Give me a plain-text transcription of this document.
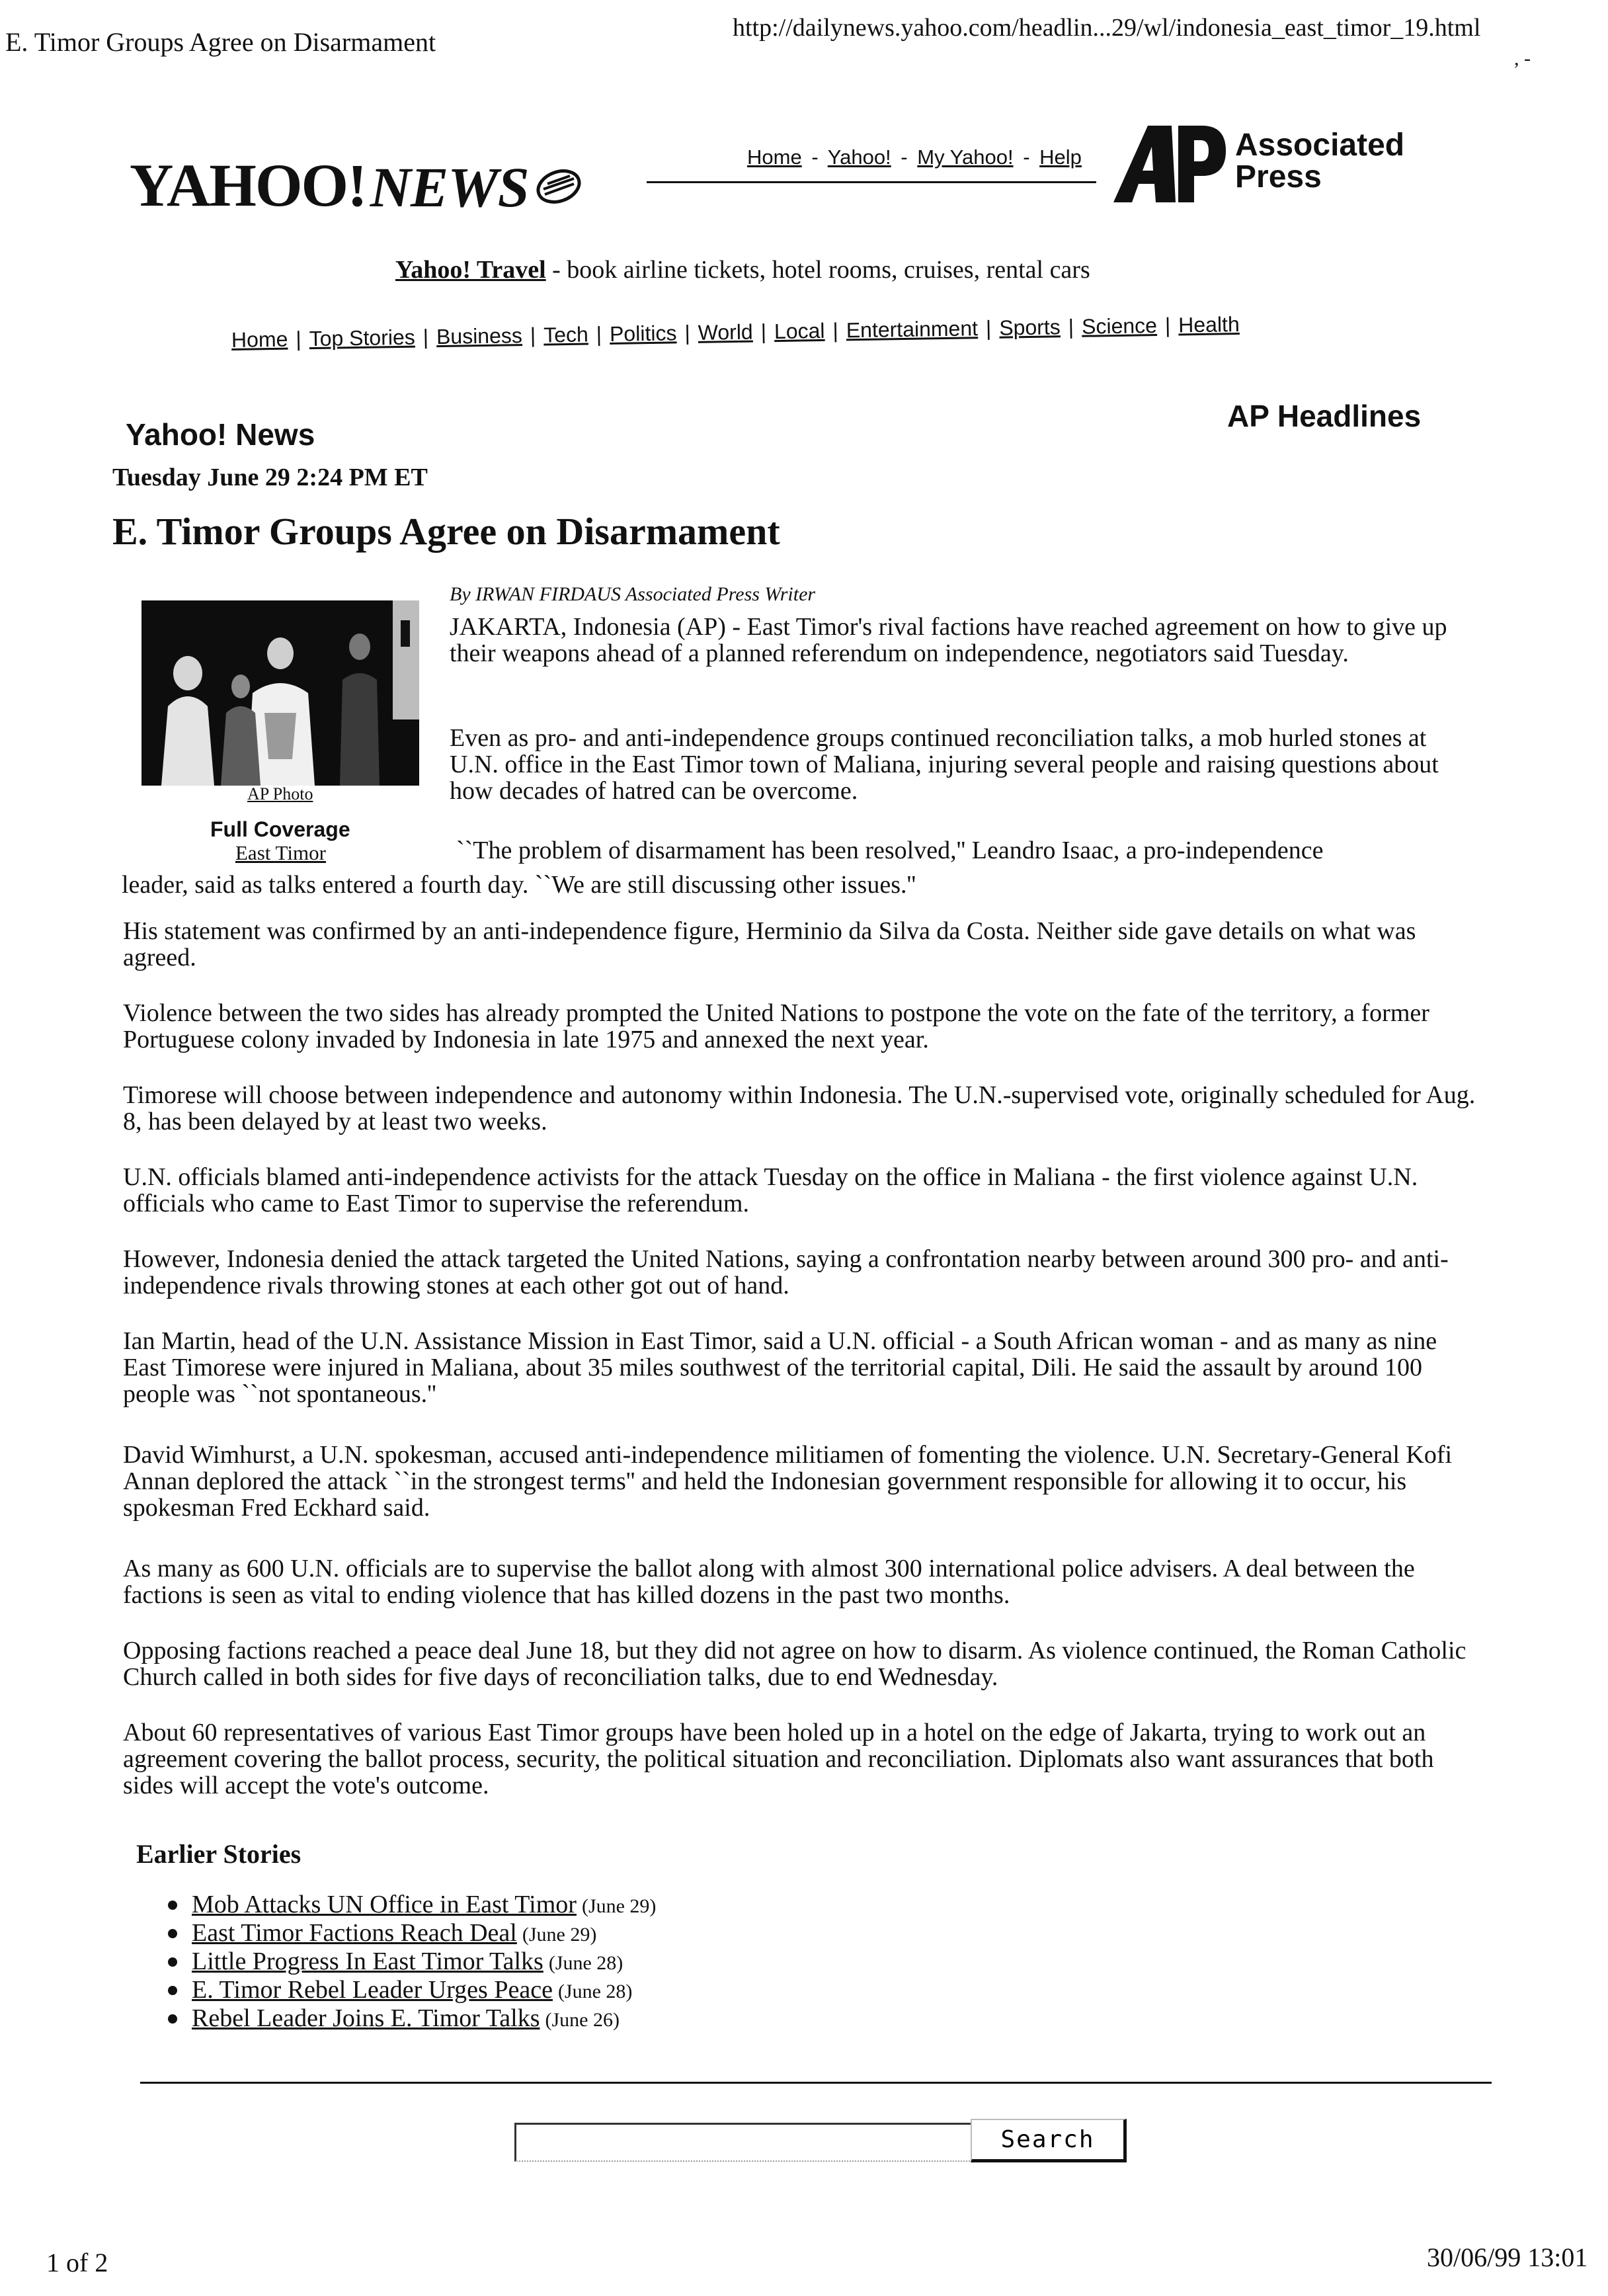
E. Timor Groups Agree on Disarmament	http://dailynews.yahoo.com/headlin...29/wl/indonesia_east_timor_19.html
, -
YAHOO! NEWS	Home - Yahoo! - My Yahoo! - Help	Associated
Press
Yahoo! Travel - book airline tickets, hotel rooms, cruises, rental cars
Home | Top Stories | Business | Tech | Politics | World | Local | Entertainment | Sports | Science | Health
Yahoo! News
AP Headlines
Tuesday June 29 2:24 PM ET
E. Timor Groups Agree on Disarmament
AP Photo
Full Coverage
East Timor
By IRWAN FIRDAUS Associated Press Writer

JAKARTA, Indonesia (AP) - East Timor's rival factions have reached agreement on how to give up their weapons ahead of a planned referendum on independence, negotiators said Tuesday.

Even as pro- and anti-independence groups continued reconciliation talks, a mob hurled stones at U.N. office in the East Timor town of Maliana, injuring several people and raising questions about how decades of hatred can be overcome.

``The problem of disarmament has been resolved,'' Leandro Isaac, a pro-independence
leader, said as talks entered a fourth day. ``We are still discussing other issues.''

His statement was confirmed by an anti-independence figure, Herminio da Silva da Costa. Neither side gave details on what was agreed.

Violence between the two sides has already prompted the United Nations to postpone the vote on the fate of the territory, a former Portuguese colony invaded by Indonesia in late 1975 and annexed the next year.

Timorese will choose between independence and autonomy within Indonesia. The U.N.-supervised vote, originally scheduled for Aug. 8, has been delayed by at least two weeks.

U.N. officials blamed anti-independence activists for the attack Tuesday on the office in Maliana - the first violence against U.N. officials who came to East Timor to supervise the referendum.

However, Indonesia denied the attack targeted the United Nations, saying a confrontation nearby between around 300 pro- and anti-independence rivals throwing stones at each other got out of hand.

Ian Martin, head of the U.N. Assistance Mission in East Timor, said a U.N. official - a South African woman - and as many as nine East Timorese were injured in Maliana, about 35 miles southwest of the territorial capital, Dili. He said the assault by around 100 people was ``not spontaneous.''

David Wimhurst, a U.N. spokesman, accused anti-independence militiamen of fomenting the violence. U.N. Secretary-General Kofi Annan deplored the attack ``in the strongest terms'' and held the Indonesian government responsible for allowing it to occur, his spokesman Fred Eckhard said.

As many as 600 U.N. officials are to supervise the ballot along with almost 300 international police advisers. A deal between the factions is seen as vital to ending violence that has killed dozens in the past two months.

Opposing factions reached a peace deal June 18, but they did not agree on how to disarm. As violence continued, the Roman Catholic Church called in both sides for five days of reconciliation talks, due to end Wednesday.

About 60 representatives of various East Timor groups have been holed up in a hotel on the edge of Jakarta, trying to work out an agreement covering the ballot process, security, the political situation and reconciliation. Diplomats also want assurances that both sides will accept the vote's outcome.

Earlier Stories
Mob Attacks UN Office in East Timor (June 29)
East Timor Factions Reach Deal (June 29)
Little Progress In East Timor Talks (June 28)
E. Timor Rebel Leader Urges Peace (June 28)
Rebel Leader Joins E. Timor Talks (June 26)
Search
1 of 2	30/06/99 13:01
